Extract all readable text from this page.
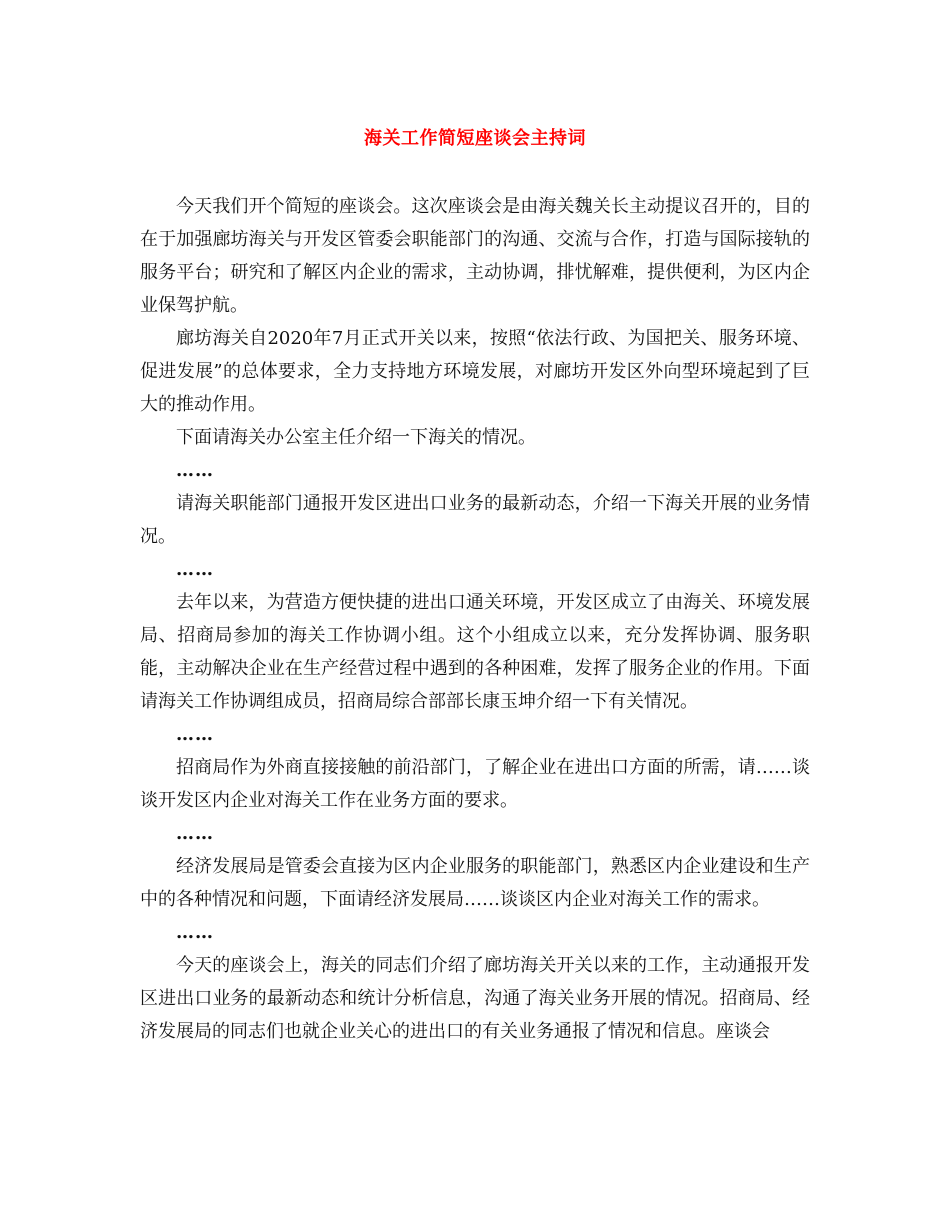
海关工作简短座谈会主持词

今天我们开个简短的座谈会。这次座谈会是由海关魏关长主动提议召开的，目的在于加强廊坊海关与开发区管委会职能部门的沟通、交流与合作，打造与国际接轨的服务平台；研究和了解区内企业的需求，主动协调，排忧解难，提供便利，为区内企业保驾护航。

廊坊海关自2020年7月正式开关以来，按照“依法行政、为国把关、服务环境、促进发展”的总体要求，全力支持地方环境发展，对廊坊开发区外向型环境起到了巨大的推动作用。

下面请海关办公室主任介绍一下海关的情况。

……

请海关职能部门通报开发区进出口业务的最新动态，介绍一下海关开展的业务情况。

……

去年以来，为营造方便快捷的进出口通关环境，开发区成立了由海关、环境发展局、招商局参加的海关工作协调小组。这个小组成立以来，充分发挥协调、服务职能，主动解决企业在生产经营过程中遇到的各种困难，发挥了服务企业的作用。下面请海关工作协调组成员，招商局综合部部长康玉坤介绍一下有关情况。

……

招商局作为外商直接接触的前沿部门，了解企业在进出口方面的所需，请……谈谈开发区内企业对海关工作在业务方面的要求。

……

经济发展局是管委会直接为区内企业服务的职能部门，熟悉区内企业建设和生产中的各种情况和问题，下面请经济发展局……谈谈区内企业对海关工作的需求。

……

今天的座谈会上，海关的同志们介绍了廊坊海关开关以来的工作，主动通报开发区进出口业务的最新动态和统计分析信息，沟通了海关业务开展的情况。招商局、经济发展局的同志们也就企业关心的进出口的有关业务通报了情况和信息。座谈会
